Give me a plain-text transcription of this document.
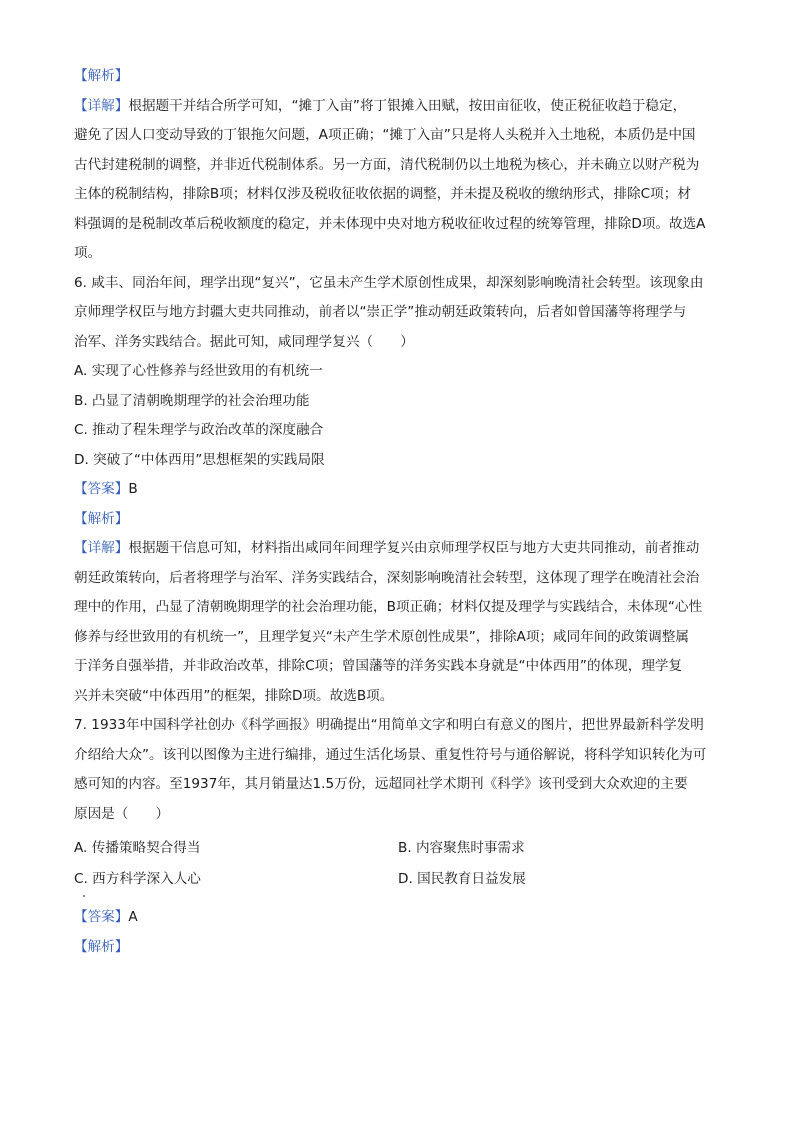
【解析】
【详解】根据题干并结合所学可知，“摊丁入亩”将丁银摊入田赋，按田亩征收，使正税征收趋于稳定，
避免了因人口变动导致的丁银拖欠问题，A项正确；“摊丁入亩”只是将人头税并入土地税，本质仍是中国
古代封建税制的调整，并非近代税制体系。另一方面，清代税制仍以土地税为核心，并未确立以财产税为
主体的税制结构，排除B项；材料仅涉及税收征收依据的调整，并未提及税收的缴纳形式，排除C项；材
料强调的是税制改革后税收额度的稳定，并未体现中央对地方税收征收过程的统筹管理，排除D项。故选A
项。
6. 咸丰、同治年间，理学出现“复兴”，它虽未产生学术原创性成果，却深刻影响晚清社会转型。该现象由
京师理学权臣与地方封疆大吏共同推动，前者以“崇正学”推动朝廷政策转向，后者如曾国藩等将理学与
治军、洋务实践结合。据此可知，咸同理学复兴（　　）
A. 实现了心性修养与经世致用的有机统一
B. 凸显了清朝晚期理学的社会治理功能
C. 推动了程朱理学与政治改革的深度融合
D. 突破了“中体西用”思想框架的实践局限
【答案】B
【解析】
【详解】根据题干信息可知，材料指出咸同年间理学复兴由京师理学权臣与地方大吏共同推动，前者推动
朝廷政策转向，后者将理学与治军、洋务实践结合，深刻影响晚清社会转型，这体现了理学在晚清社会治
理中的作用，凸显了清朝晚期理学的社会治理功能，B项正确；材料仅提及理学与实践结合，未体现“心性
修养与经世致用的有机统一”，且理学复兴“未产生学术原创性成果”，排除A项；咸同年间的政策调整属
于洋务自强举措，并非政治改革，排除C项；曾国藩等的洋务实践本身就是“中体西用”的体现，理学复
兴并未突破“中体西用”的框架，排除D项。故选B项。
7. 1933年中国科学社创办《科学画报》明确提出“用简单文字和明白有意义的图片，把世界最新科学发明
介绍给大众”。该刊以图像为主进行编排，通过生活化场景、重复性符号与通俗解说，将科学知识转化为可
感可知的内容。至1937年，其月销量达1.5万份，远超同社学术期刊《科学》该刊受到大众欢迎的主要
原因是（　　）
A. 传播策略契合得当	B. 内容聚焦时事需求
C. 西方科学深入人心	D. 国民教育日益发展
【答案】A
【解析】
